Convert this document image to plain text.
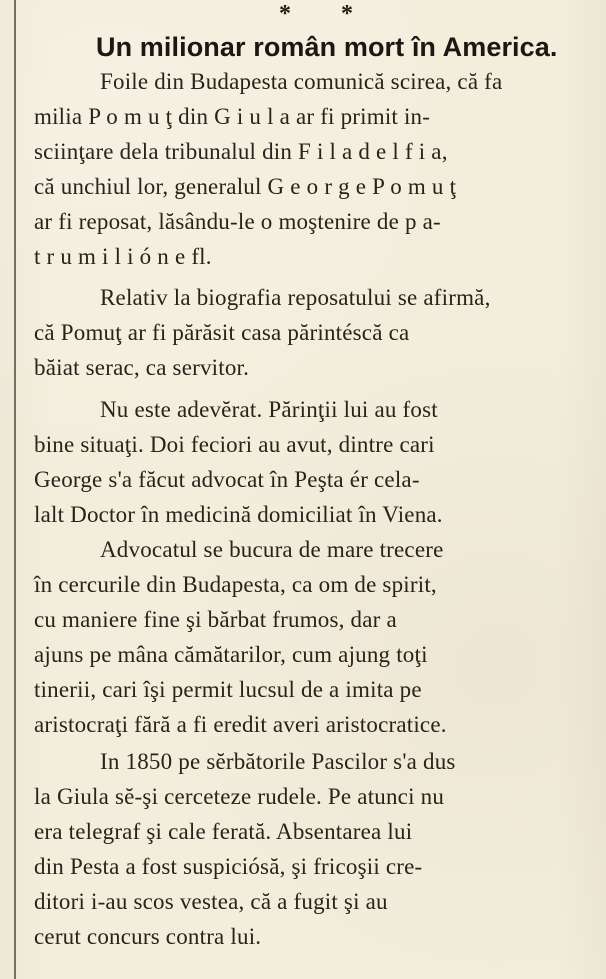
* *
Un milionar român mort în America.
Foile din Budapesta comunică scirea, că fa
milia P o m u ţ din G i u l a ar fi primit in-
sciinţare dela tribunalul din F i l a d e l f i a,
că unchiul lor, generalul G e o r g e P o m u ţ
ar fi reposat, lăsându-le o moştenire de p a-
t r u m i l i ó n e fl.
Relativ la biografia reposatului se afirmă,
că Pomuţ ar fi părăsit casa părintéscă ca
băiat serac, ca servitor.
Nu este adevĕrat. Părinţii lui au fost
bine situaţi. Doi feciori au avut, dintre cari
George s'a făcut advocat în Peşta ér cela-
lalt Doctor în medicină domiciliat în Viena.
Advocatul se bucura de mare trecere
în cercurile din Budapesta, ca om de spirit,
cu maniere fine şi bărbat frumos, dar a
ajuns pe mâna cămătarilor, cum ajung toţi
tinerii, cari îşi permit lucsul de a imita pe
aristocraţi fără a fi eredit averi aristocratice.
In 1850 pe sĕrbătorile Pascilor s'a dus
la Giula sĕ-şi cerceteze rudele. Pe atunci nu
era telegraf şi cale ferată. Absentarea lui
din Pesta a fost suspiciósă, şi fricoşii cre-
ditori i-au scos vestea, că a fugit şi au
cerut concurs contra lui.
